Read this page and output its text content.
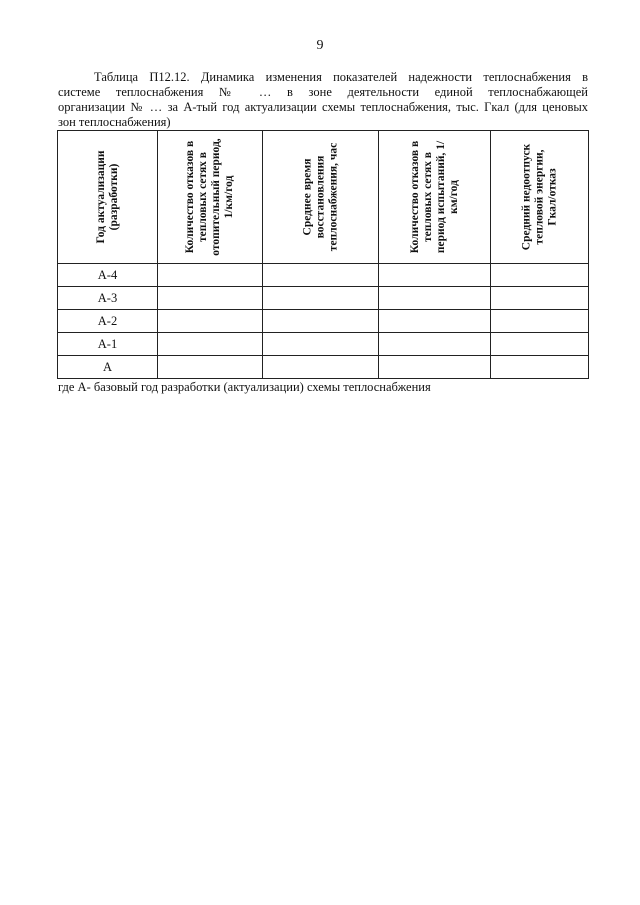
9
Таблица П12.12. Динамика изменения показателей надежности теплоснабжения в
системе теплоснабжения № … в зоне деятельности единой теплоснабжающей
организации № … за А-тый год актуализации схемы теплоснабжения, тыс. Гкал (для ценовых
зон теплоснабжения)
Год актуализации (разработки)	Количество отказов в тепловых сетях в отопительный период, 1/км/год	Среднее время восстановления теплоснабжения, час	Количество отказов в тепловых сетях в период испытаний, 1/км/год	Средний недоотпуск тепловой энергии, Гкал/отказ

А-4				
А-3				
А-2				
А-1				
А				
где А- базовый год разработки (актуализации) схемы теплоснабжения
